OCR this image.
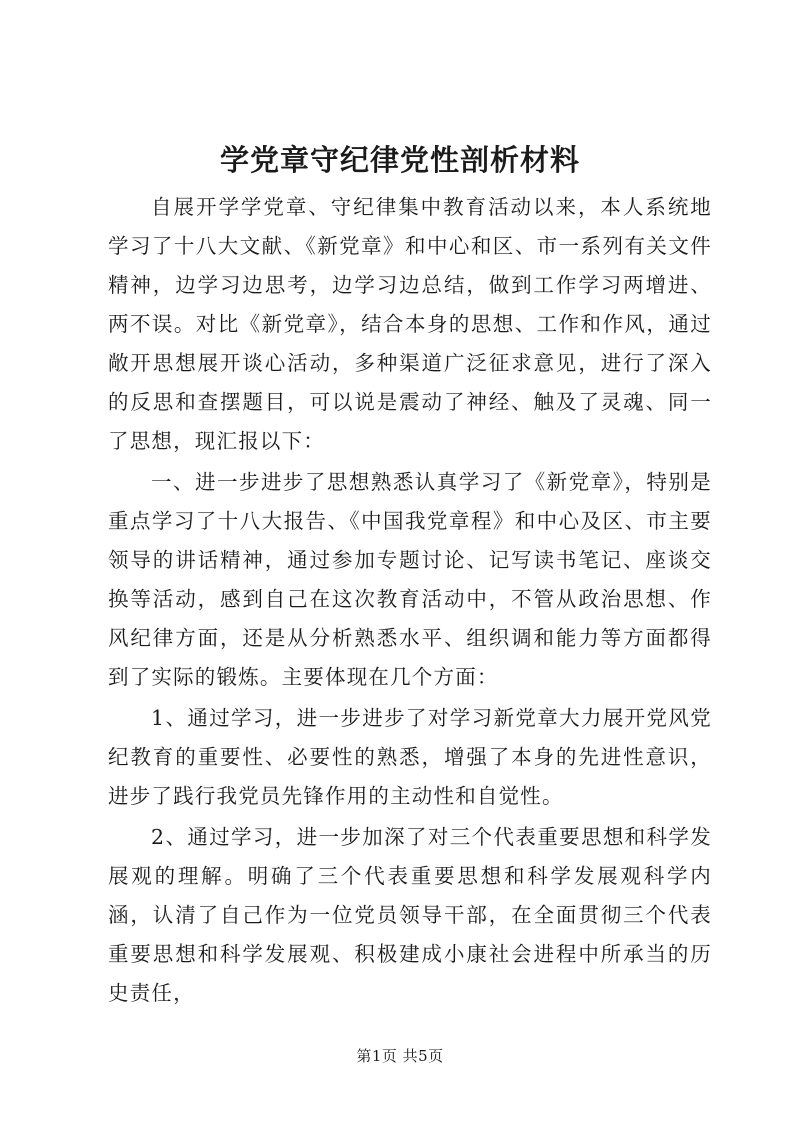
学党章守纪律党性剖析材料

自展开学学党章、守纪律集中教育活动以来，本人系统地学习了十八大文献、《新党章》和中心和区、市一系列有关文件精神，边学习边思考，边学习边总结，做到工作学习两增进、两不误。对比《新党章》，结合本身的思想、工作和作风，通过敞开思想展开谈心活动，多种渠道广泛征求意见，进行了深入的反思和查摆题目，可以说是震动了神经、触及了灵魂、同一了思想，现汇报以下：

一、进一步进步了思想熟悉认真学习了《新党章》，特别是重点学习了十八大报告、《中国我党章程》和中心及区、市主要领导的讲话精神，通过参加专题讨论、记写读书笔记、座谈交换等活动，感到自己在这次教育活动中，不管从政治思想、作风纪律方面，还是从分析熟悉水平、组织调和能力等方面都得到了实际的锻炼。主要体现在几个方面：

1、通过学习，进一步进步了对学习新党章大力展开党风党纪教育的重要性、必要性的熟悉，增强了本身的先进性意识，进步了践行我党员先锋作用的主动性和自觉性。

2、通过学习，进一步加深了对三个代表重要思想和科学发展观的理解。明确了三个代表重要思想和科学发展观科学内涵，认清了自己作为一位党员领导干部，在全面贯彻三个代表重要思想和科学发展观、积极建成小康社会进程中所承当的历史责任，

第1页 共5页
